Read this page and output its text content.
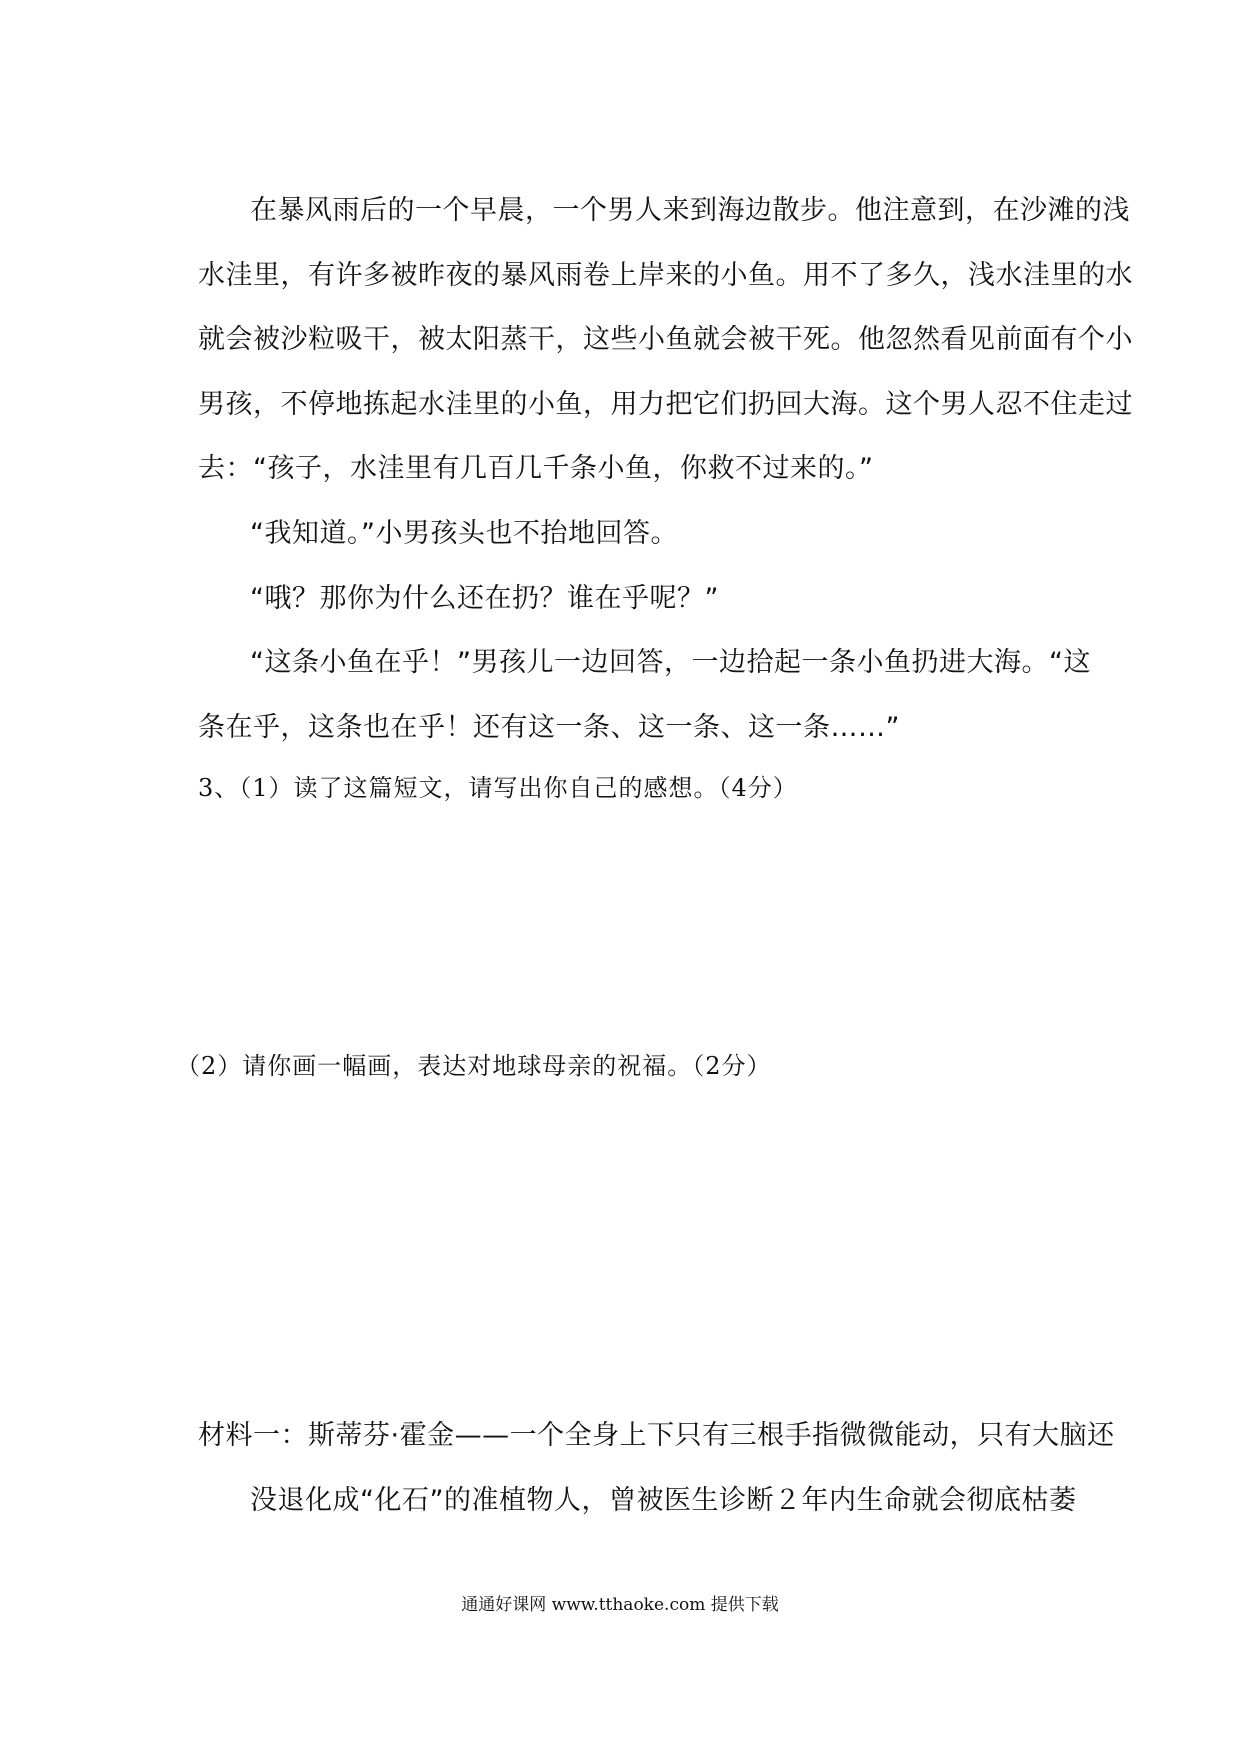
在暴风雨后的一个早晨，一个男人来到海边散步。他注意到，在沙滩的浅
水洼里，有许多被昨夜的暴风雨卷上岸来的小鱼。用不了多久，浅水洼里的水
就会被沙粒吸干，被太阳蒸干，这些小鱼就会被干死。他忽然看见前面有个小
男孩，不停地拣起水洼里的小鱼，用力把它们扔回大海。这个男人忍不住走过
去：“孩子，水洼里有几百几千条小鱼，你救不过来的。”
“我知道。”小男孩头也不抬地回答。
“哦？那你为什么还在扔？谁在乎呢？”
“这条小鱼在乎！”男孩儿一边回答，一边拾起一条小鱼扔进大海。“这
条在乎，这条也在乎！还有这一条、这一条、这一条……”
3、（1）读了这篇短文，请写出你自己的感想。（4分）
（2）请你画一幅画，表达对地球母亲的祝福。（2分）
材料一：斯蒂芬·霍金——一个全身上下只有三根手指微微能动，只有大脑还
没退化成“化石”的准植物人，曾被医生诊断２年内生命就会彻底枯萎
通通好课网 www.tthaoke.com 提供下载
